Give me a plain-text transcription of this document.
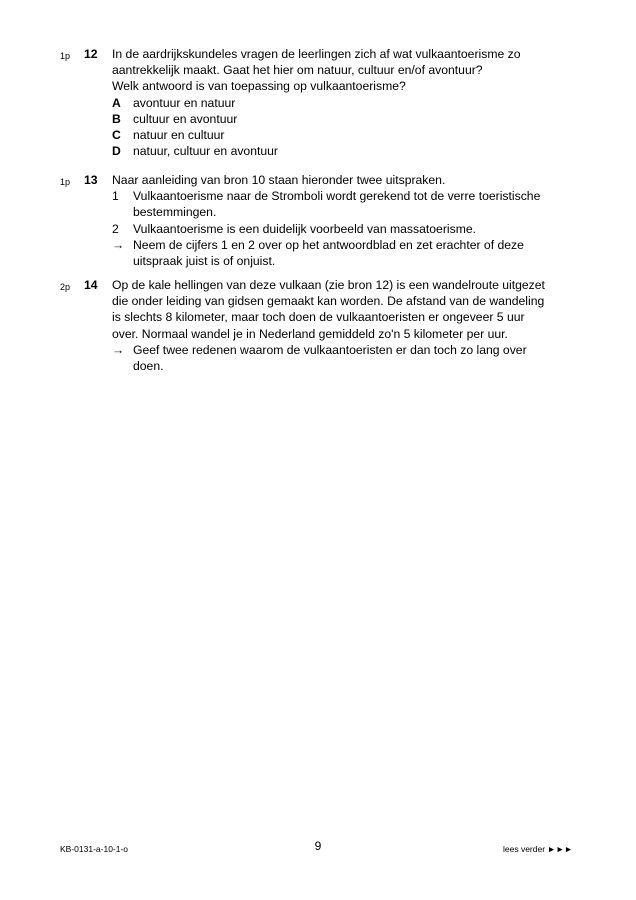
1p 12 In de aardrijkskundeles vragen de leerlingen zich af wat vulkaantoerisme zo
aantrekkelijk maakt. Gaat het hier om natuur, cultuur en/of avontuur?
Welk antwoord is van toepassing op vulkaantoerisme?
A avontuur en natuur
B cultuur en avontuur
C natuur en cultuur
D natuur, cultuur en avontuur
1p 13 Naar aanleiding van bron 10 staan hieronder twee uitspraken.
1	Vulkaantoerisme naar de Stromboli wordt gerekend tot de verre toeristische
bestemmingen.
2	Vulkaantoerisme is een duidelijk voorbeeld van massatoerisme.
→ Neem de cijfers 1 en 2 over op het antwoordblad en zet erachter of deze
uitspraak juist is of onjuist.
2p 14 Op de kale hellingen van deze vulkaan (zie bron 12) is een wandelroute uitgezet
die onder leiding van gidsen gemaakt kan worden. De afstand van de wandeling
is slechts 8 kilometer, maar toch doen de vulkaantoeristen er ongeveer 5 uur
over. Normaal wandel je in Nederland gemiddeld zo'n 5 kilometer per uur.
→ Geef twee redenen waarom de vulkaantoeristen er dan toch zo lang over
doen.
KB-0131-a-10-1-o	9	lees verder ►►►
